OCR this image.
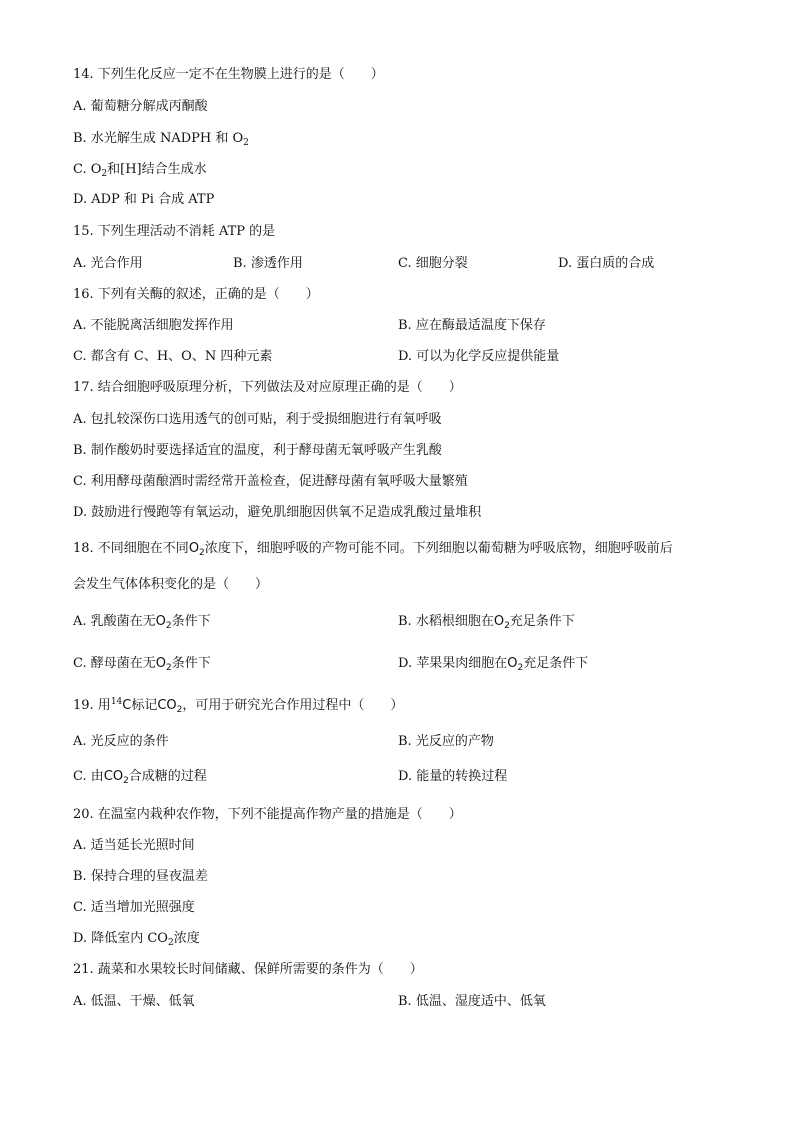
14. 下列生化反应一定不在生物膜上进行的是（　　）
A. 葡萄糖分解成丙酮酸
B. 水光解生成 NADPH 和 $O_2$
C. $O_2$和[H]结合生成水
D. ADP 和 Pi 合成 ATP
15. 下列生理活动不消耗 ATP 的是
A. 光合作用	B. 渗透作用	C. 细胞分裂	D. 蛋白质的合成
16. 下列有关酶的叙述，正确的是（　　）
A. 不能脱离活细胞发挥作用	B. 应在酶最适温度下保存
C. 都含有 C、H、O、N 四种元素	D. 可以为化学反应提供能量
17. 结合细胞呼吸原理分析，下列做法及对应原理正确的是（　　）
A. 包扎较深伤口选用透气的创可贴，利于受损细胞进行有氧呼吸
B. 制作酸奶时要选择适宜的温度，利于酵母菌无氧呼吸产生乳酸
C. 利用酵母菌酿酒时需经常开盖检查，促进酵母菌有氧呼吸大量繁殖
D. 鼓励进行慢跑等有氧运动，避免肌细胞因供氧不足造成乳酸过量堆积
18. 不同细胞在不同$O_2$浓度下，细胞呼吸的产物可能不同。下列细胞以葡萄糖为呼吸底物，细胞呼吸前后
会发生气体体积变化的是（　　）
A. 乳酸菌在无$O_2$条件下	B. 水稻根细胞在$O_2$充足条件下
C. 酵母菌在无$O_2$条件下	D. 苹果果肉细胞在$O_2$充足条件下
19. 用$^{14}$C标记$CO_2$，可用于研究光合作用过程中（　　）
A. 光反应的条件	B. 光反应的产物
C. 由$CO_2$合成糖的过程	D. 能量的转换过程
20. 在温室内栽种农作物，下列不能提高作物产量的措施是（　　）
A. 适当延长光照时间
B. 保持合理的昼夜温差
C. 适当增加光照强度
D. 降低室内 $CO_2$浓度
21. 蔬菜和水果较长时间储藏、保鲜所需要的条件为（　　）
A. 低温、干燥、低氧	B. 低温、湿度适中、低氧
